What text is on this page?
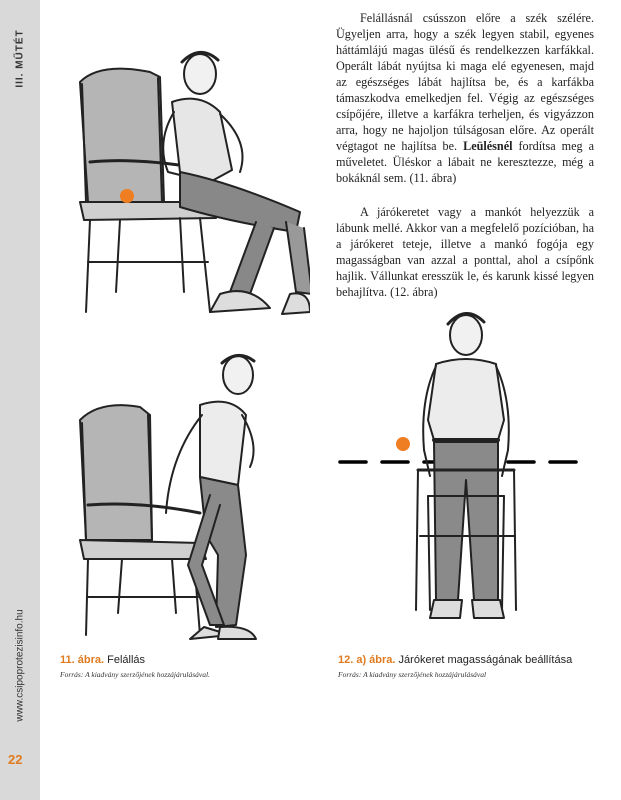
III. MŰTÉT
www.csipoprotezisinfo.hu
22

Felállásnál csússzon előre a szék szélére. Ügyeljen arra, hogy a szék legyen stabil, egyenes háttámlájú magas ülésű és rendelkezzen karfákkal. Operált lábát nyújtsa ki maga elé egyenesen, majd az egészséges lábát hajlítsa be, és a karfákba támaszkodva emelkedjen fel. Végig az egészséges csípőjére, illetve a karfákra terheljen, és vigyázzon arra, hogy ne hajoljon túlságosan előre. Az operált végtagot ne hajlítsa be. Leülésnél fordítsa meg a műveletet. Üléskor a lábait ne keresztezze, még a bokáknál sem. (11. ábra)

A járókeretet vagy a mankót helyezzük a lábunk mellé. Akkor van a megfelelő pozícióban, ha a járókeret teteje, illetve a mankó fogója egy magasságban van azzal a ponttal, ahol a csípőnk hajlik. Vállunkat eresszük le, és karunk kissé legyen behajlítva. (12. ábra)

11. ábra. Felállás
Forrás: A kiadvány szerzőjének hozzájárulásával.
12. a) ábra. Járókeret magasságának beállítása
Forrás: A kiadvány szerzőjének hozzájárulásával
